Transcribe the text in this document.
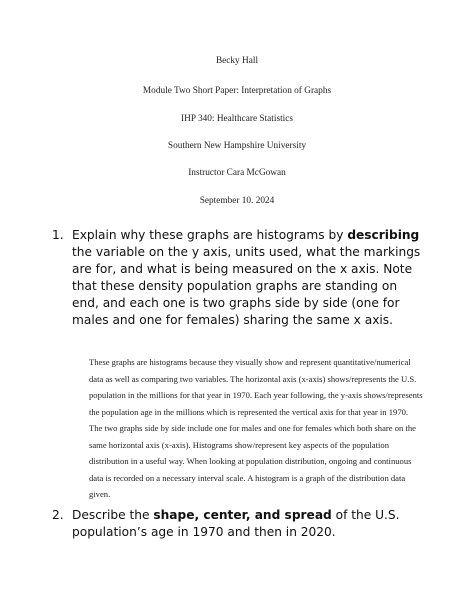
Becky Hall
Module Two Short Paper: Interpretation of Graphs
IHP 340: Healthcare Statistics
Southern New Hampshire University
Instructor Cara McGowan
September 10. 2024
1. Explain why these graphs are histograms by describing the variable on the y axis, units used, what the markings are for, and what is being measured on the x axis. Note that these density population graphs are standing on end, and each one is two graphs side by side (one for males and one for females) sharing the same x axis.
These graphs are histograms because they visually show and represent quantitative/numerical data as well as comparing two variables. The horizontal axis (x-axis) shows/represents the U.S. population in the millions for that year in 1970. Each year following, the y-axis shows/represents the population age in the millions which is represented the vertical axis for that year in 1970. The two graphs side by side include one for males and one for females which both share on the same horizontal axis (x-axis). Histograms show/represent key aspects of the population distribution in a useful way. When looking at population distribution, ongoing and continuous data is recorded on a necessary interval scale. A histogram is a graph of the distribution data given.
2. Describe the shape, center, and spread of the U.S. population’s age in 1970 and then in 2020.
